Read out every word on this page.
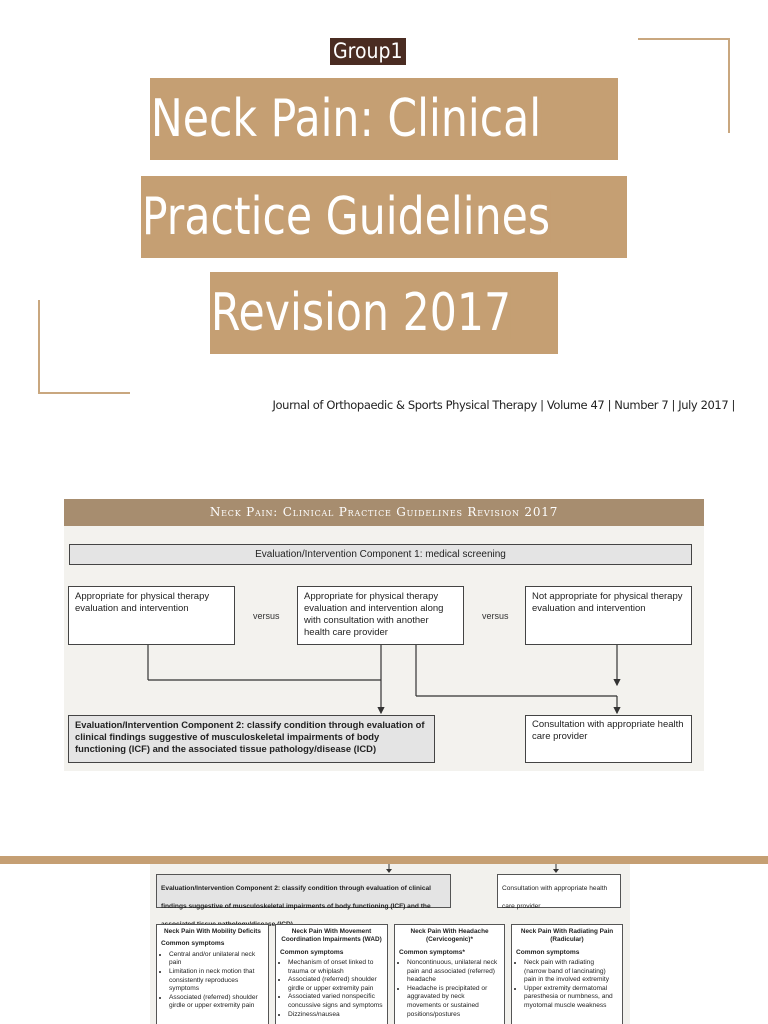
Group1
Neck Pain: Clinical
Practice Guidelines
Revision 2017
Journal of Orthopaedic & Sports Physical Therapy | Volume 47 | Number 7 | July 2017 |
Neck Pain: Clinical Practice Guidelines Revision 2017
Evaluation/Intervention Component 1: medical screening
Appropriate for physical therapy evaluation and intervention
versus
Appropriate for physical therapy evaluation and intervention along with consultation with another health care provider
versus
Not appropriate for physical therapy evaluation and intervention
Evaluation/Intervention Component 2: classify condition through evaluation of clinical findings suggestive of musculoskeletal impairments of body functioning (ICF) and the associated tissue pathology/disease (ICD)
Consultation with appropriate health care provider
Evaluation/Intervention Component 2: classify condition through evaluation of clinical findings suggestive of musculoskeletal impairments of body functioning (ICF) and the
Consultation with appropriate health care provider
Neck Pain With Mobility Deficits
Common symptoms
• Central and/or unilateral neck pain
• Limitation in neck motion that consistently reproduces symptoms
• Associated (referred) shoulder girdle or upper extremity pain
Neck Pain With Movement Coordination Impairments (WAD)
Common symptoms
• Mechanism of onset linked to trauma or whiplash
• Associated (referred) shoulder girdle or upper extremity pain
• Associated varied nonspecific concussive signs and symptoms
• Dizziness/nausea
Neck Pain With Headache (Cervicogenic)*
Common symptoms*
• Noncontinuous, unilateral neck pain and associated (referred) headache
• Headache is precipitated or aggravated by neck movements or sustained positions/postures
Neck Pain With Radiating Pain (Radicular)
Common symptoms
• Neck pain with radiating (narrow band of lancinating) pain in the involved extremity
• Upper extremity dermatomal paresthesia or numbness, and myotomal muscle weakness
